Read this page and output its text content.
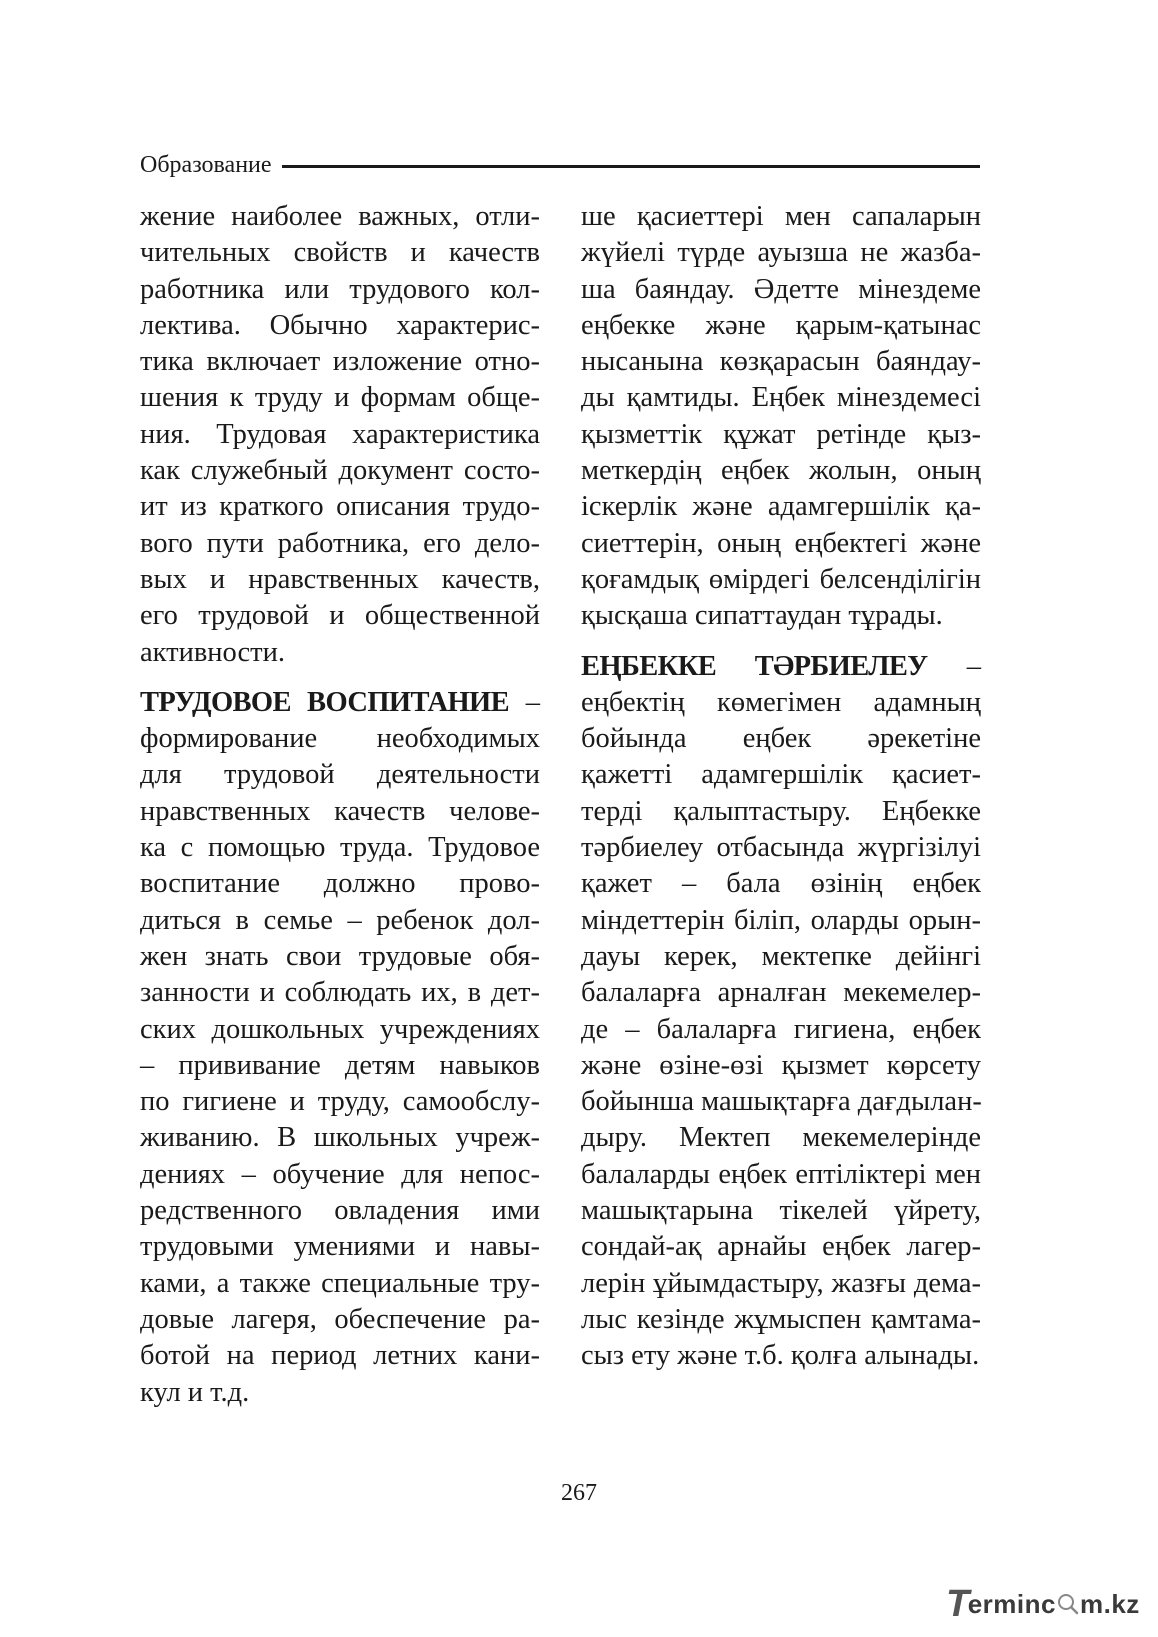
Образование
жение наиболее важных, отли-
чительных свойств и качеств
работника или трудового кол-
лектива. Обычно характерис-
тика включает изложение отно-
шения к труду и формам обще-
ния. Трудовая характеристика
как служебный документ состо-
ит из краткого описания трудо-
вого пути работника, его дело-
вых и нравственных качеств,
его трудовой и общественной
активности.
ТРУДОВОЕ ВОСПИТАНИЕ –
формирование необходимых
для трудовой деятельности
нравственных качеств челове-
ка с помощью труда. Трудовое
воспитание должно прово-
диться в семье – ребенок дол-
жен знать свои трудовые обя-
занности и соблюдать их, в дет-
ских дошкольных учреждениях
– прививание детям навыков
по гигиене и труду, самообслу-
живанию. В школьных учреж-
дениях – обучение для непос-
редственного овладения ими
трудовыми умениями и навы-
ками, а также специальные тру-
довые лагеря, обеспечение ра-
ботой на период летних кани-
кул и т.д.
ше қасиеттері мен сапаларын
жүйелі түрде ауызша не жазба-
ша баяндау. Әдетте мінездеме
еңбекке және қарым-қатынас
нысанына көзқарасын баяндау-
ды қамтиды. Еңбек мінездемесі
қызметтік құжат ретінде қыз-
меткердің еңбек жолын, оның
іскерлік және адамгершілік қа-
сиеттерін, оның еңбектегі және
қоғамдық өмірдегі белсенділігін
қысқаша сипаттаудан тұрады.
ЕҢБЕККЕ ТӘРБИЕЛЕУ –
еңбектің көмегімен адамның
бойында еңбек әрекетіне
қажетті адамгершілік қасиет-
терді қалыптастыру. Еңбекке
тәрбиелеу отбасында жүргізілуі
қажет – бала өзінің еңбек
міндеттерін біліп, оларды орын-
дауы керек, мектепке дейінгі
балаларға арналған мекемелер-
де – балаларға гигиена, еңбек
және өзіне-өзі қызмет көрсету
бойынша машықтарға дағдылан-
дыру. Мектеп мекемелерінде
балаларды еңбек ептіліктері мен
машықтарына тікелей үйрету,
сондай-ақ арнайы еңбек лагер-
лерін ұйымдастыру, жазғы дема-
лыс кезінде жұмыспен қамтама-
сыз ету және т.б. қолға алынады.
267
T
erminc m.kz
